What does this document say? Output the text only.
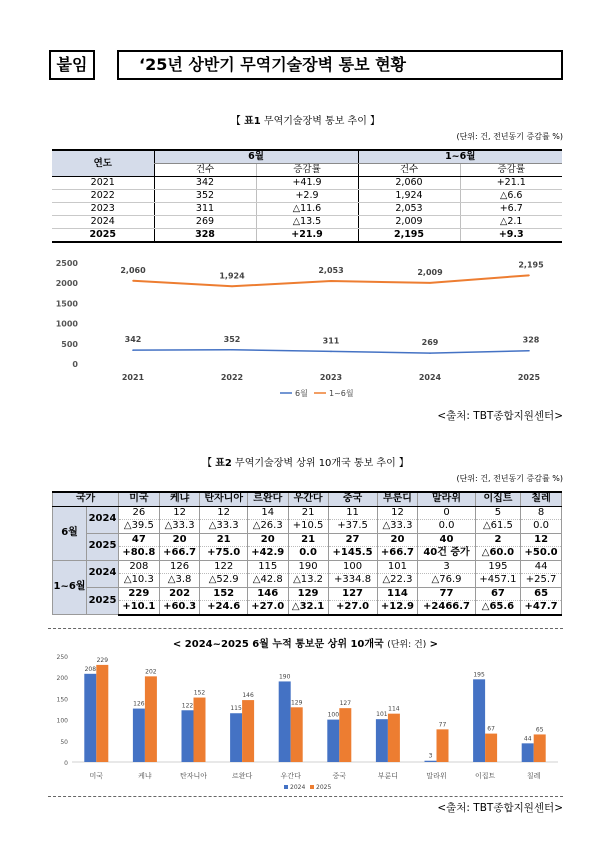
붙임	‘25년 상반기 무역기술장벽 통보 현황
【 표1 무역기술장벽 통보 추이 】
(단위: 건, 전년동기 증감률 %)
연도	6월		1~6월	
	건수	증감률	건수	증감률
2021	342	+41.9	2,060	+21.1
2022	352	+2.9	1,924	△6.6
2023	311	△11.6	2,053	+6.7
2024	269	△13.5	2,009	△2.1
2025	328	+21.9	2,195	+9.3
0
500
1000
1500
2000
2500
2021	2022	2023	2024	2025
342	352	311	269	328
2,060
1,924
2,053	2,009
2,195
6월	1~6월
<출처: TBT종합지원센터>
【 표2 무역기술장벽 상위 10개국 통보 추이 】
(단위: 건, 전년동기 증감률 %)
국가		미국	케냐	탄자니아	르완다	우간다	중국	부룬디	말라위	이집트	칠레
6월	2024	26	12	12	14	21	11	12	0	5	8
		△39.5	△33.3	△33.3	△26.3	+10.5	+37.5	△33.3	0.0	△61.5	0.0
	2025	47	20	21	20	21	27	20	40	2	12
		+80.8	+66.7	+75.0	+42.9	0.0	+145.5	+66.7	40건 증가	△60.0	+50.0
1~6월	2024	208	126	122	115	190	100	101	3	195	44
		△10.3	△3.8	△52.9	△42.8	△13.2	+334.8	△22.3	△76.9	+457.1	+25.7
	2025	229	202	152	146	129	127	114	77	67	65
		+10.1	+60.3	+24.6	+27.0	△32.1	+27.0	+12.9	+2466.7	△65.6	+47.7
< 2024~2025 6월 누적 통보문 상위 10개국 (단위: 건) >
0
50
100
150
200
250
미국
208
229
케냐
126
202
탄자니아
122
152
르완다
115
146
우간다
190
129
중국
100
127
부룬디
101
114
말라위
3
77
이집트
195
67
칠레
44
65
2024 2025
<출처: TBT종합지원센터>
